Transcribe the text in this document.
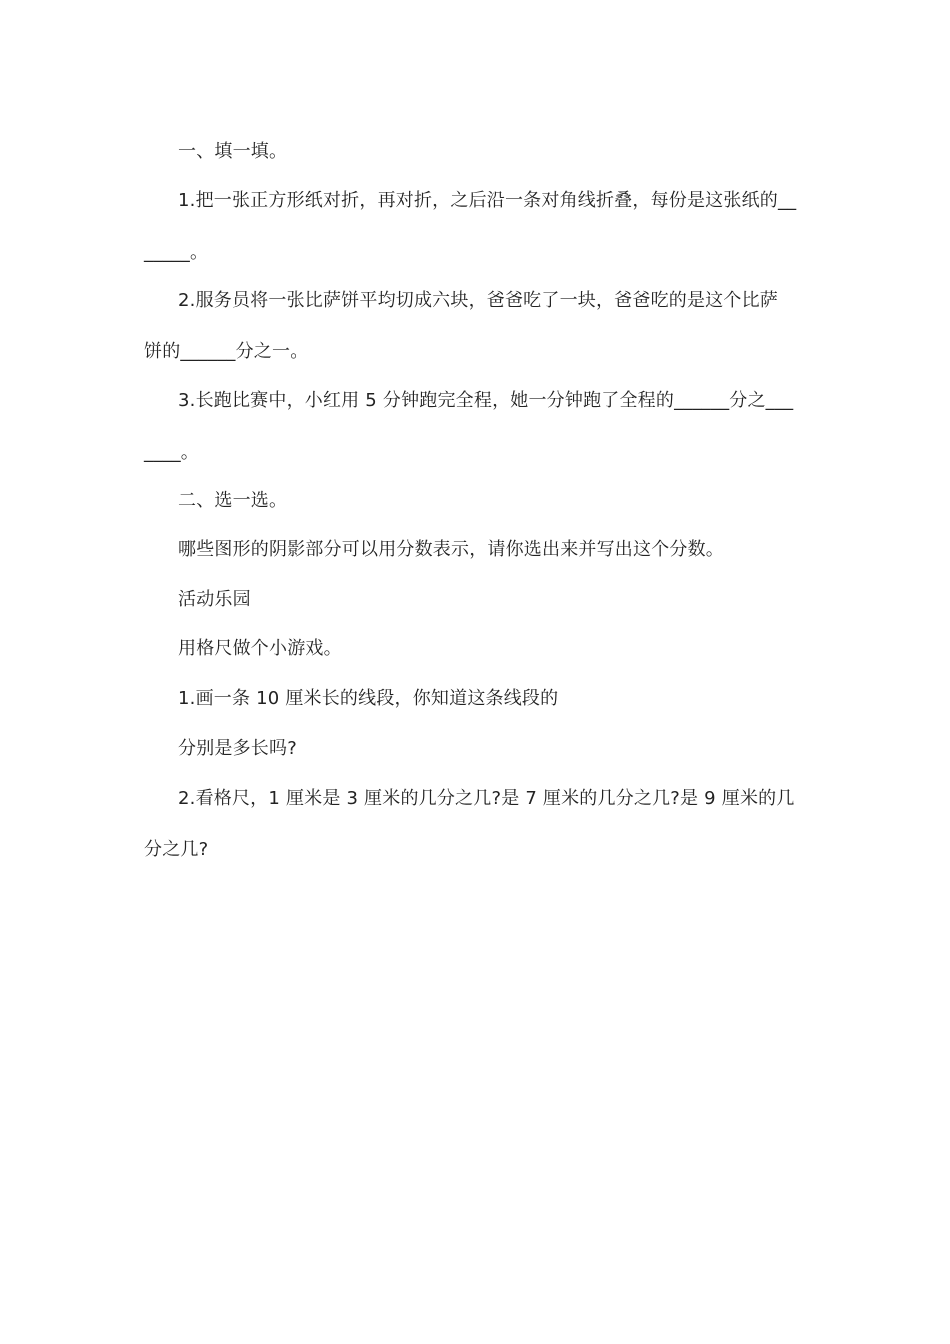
一、填一填。
1.把一张正方形纸对折，再对折，之后沿一条对角线折叠，每份是这张纸的__
_____。
2.服务员将一张比萨饼平均切成六块，爸爸吃了一块，爸爸吃的是这个比萨
饼的______分之一。
3.长跑比赛中，小红用 5 分钟跑完全程，她一分钟跑了全程的______分之___
____。
二、选一选。
哪些图形的阴影部分可以用分数表示，请你选出来并写出这个分数。
活动乐园
用格尺做个小游戏。
1.画一条 10 厘米长的线段，你知道这条线段的
分别是多长吗?
2.看格尺，1 厘米是 3 厘米的几分之几?是 7 厘米的几分之几?是 9 厘米的几
分之几?
